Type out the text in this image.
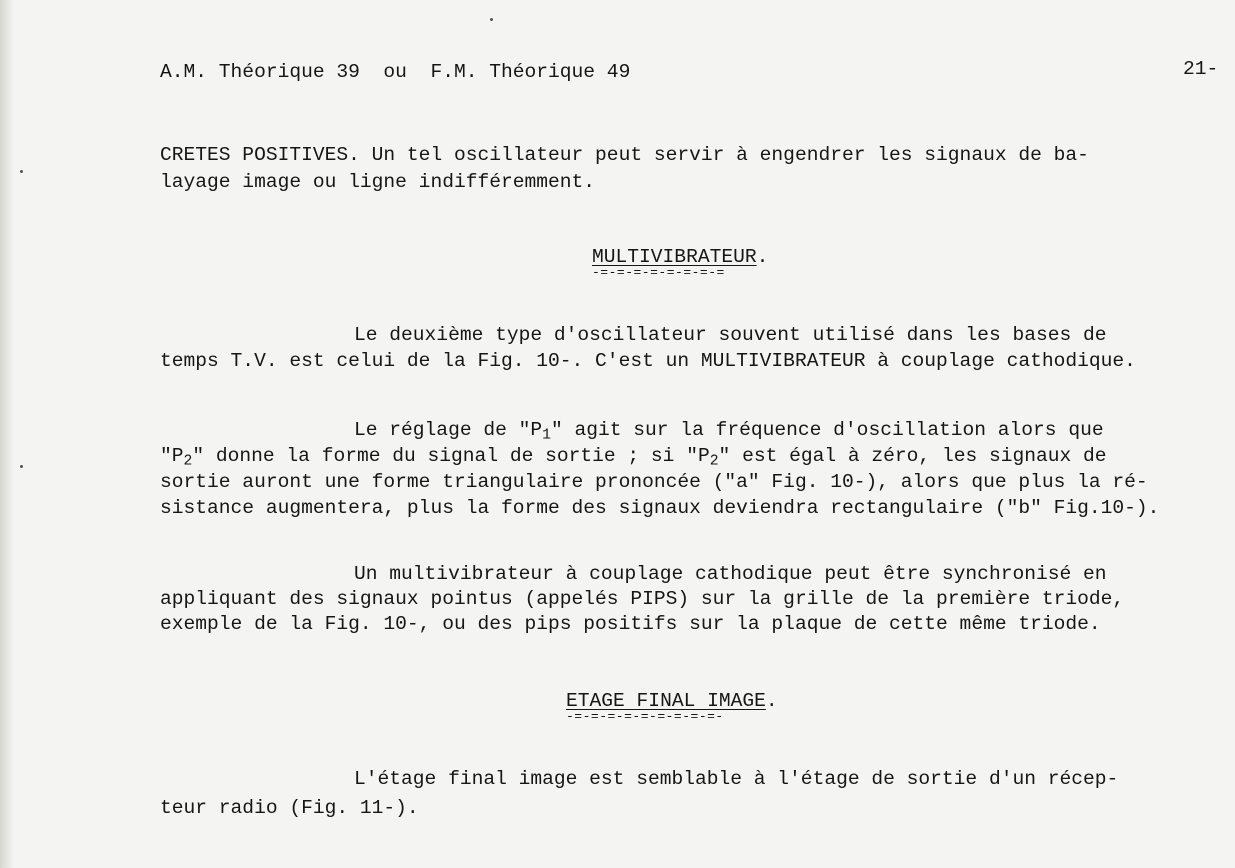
A.M. Théorique 39  ou  F.M. Théorique 49	21-
CRETES POSITIVES. Un tel oscillateur peut servir à engendrer les signaux de ba-
layage image ou ligne indifféremment.
MULTIVIBRATEUR.
-=-=-=-=-=-=-=-=
Le deuxième type d'oscillateur souvent utilisé dans les bases de
temps T.V. est celui de la Fig. 10-. C'est un MULTIVIBRATEUR à couplage cathodique.
Le réglage de "$P_1$" agit sur la fréquence d'oscillation alors que
"$P_2$" donne la forme du signal de sortie ; si "$P_2$" est égal à zéro, les signaux de
sortie auront une forme triangulaire prononcée ("a" Fig. 10-), alors que plus la ré-
sistance augmentera, plus la forme des signaux deviendra rectangulaire ("b" Fig.10-).
Un multivibrateur à couplage cathodique peut être synchronisé en
appliquant des signaux pointus (appelés PIPS) sur la grille de la première triode,
exemple de la Fig. 10-, ou des pips positifs sur la plaque de cette même triode.
ETAGE FINAL IMAGE.
-=-=-=-=-=-=-=-=-=-
L'étage final image est semblable à l'étage de sortie d'un récep-
teur radio (Fig. 11-).
